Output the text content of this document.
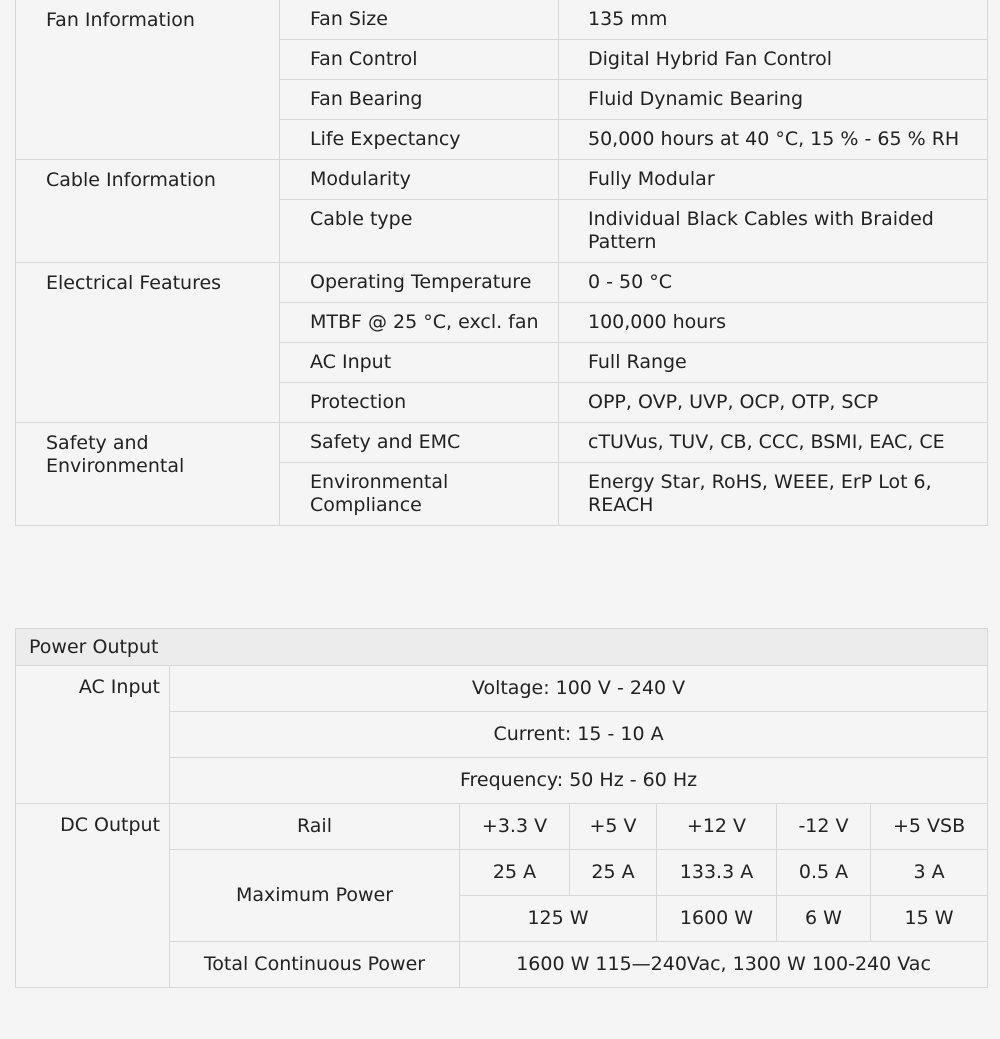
Fan Information	Fan Size	135 mm
	Fan Control	Digital Hybrid Fan Control
	Fan Bearing	Fluid Dynamic Bearing
	Life Expectancy	50,000 hours at 40 °C, 15 % - 65 % RH
Cable Information	Modularity	Fully Modular
	Cable type	Individual Black Cables with Braided Pattern
Electrical Features	Operating Temperature	0 - 50 °C
	MTBF @ 25 °C, excl. fan	100,000 hours
	AC Input	Full Range
	Protection	OPP, OVP, UVP, OCP, OTP, SCP
Safety and Environmental	Safety and EMC	cTUVus, TUV, CB, CCC, BSMI, EAC, CE
	Environmental Compliance	Energy Star, RoHS, WEEE, ErP Lot 6, REACH
Power Output						
AC Input	Voltage: 100 V - 240 V					
	Current: 15 - 10 A					
	Frequency: 50 Hz - 60 Hz					
DC Output	Rail	+3.3 V	+5 V	+12 V	-12 V	+5 VSB
	Maximum Power	25 A	25 A	133.3 A	0.5 A	3 A
		125 W		1600 W	6 W	15 W
	Total Continuous Power	1600 W 115—240Vac, 1300 W 100-240 Vac				
